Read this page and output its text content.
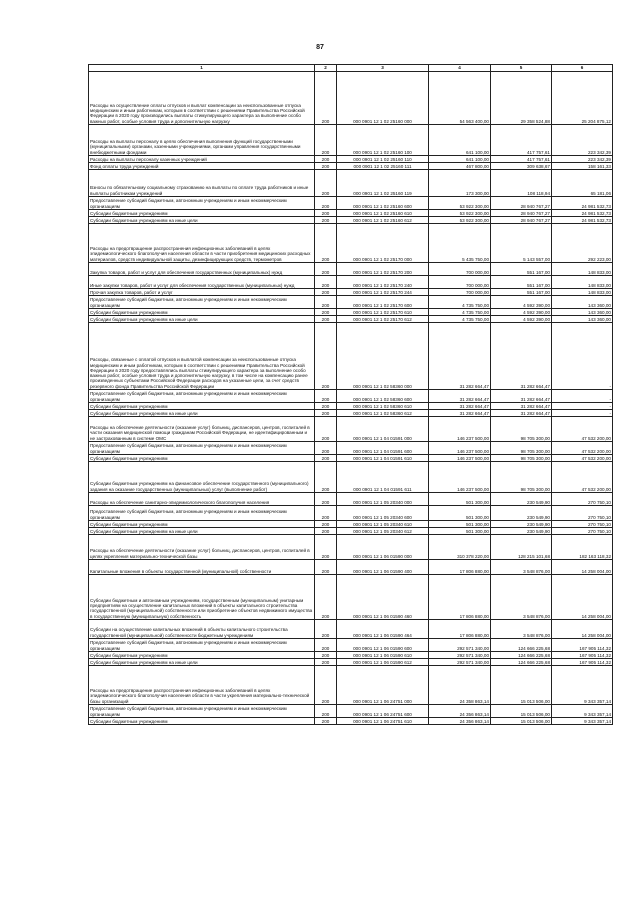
87
1	2	3	4	5	6
Расходы на осуществление оплаты отпусков и выплат компенсации за неиспользованные отпуска медицинским и иным работникам, которым в соответствии с решениями Правительства Российской Федерации в 2020 году производились выплаты стимулирующего характера за выполнение особо важных работ, особые условия труда и дополнительную нагрузку	200	000 0901 12 1 02 25160 000	54 563 400,00	29 358 524,88	25 204 875,12
Расходы на выплаты персоналу в целях обеспечения выполнения функций государственными (муниципальными) органами, казенными учреждениями, органами управления государственными внебюджетными фондами	200	000 0901 12 1 02 25160 100	641 100,00	417 757,61	223 342,39
Расходы на выплаты персоналу казенных учреждений	200	000 0901 12 1 02 25160 110	641 100,00	417 757,61	223 342,39
Фонд оплаты труда учреждений	200	000 0901 12 1 02 25160 111	467 800,00	309 638,67	158 161,33
Взносы по обязательному социальному страхованию на выплаты по оплате труда работников и иные выплаты работникам учреждений	200	000 0901 12 1 02 25160 119	173 300,00	108 118,94	65 181,06
Предоставление субсидий бюджетным, автономным учреждениям и иным некоммерческим организациям	200	000 0901 12 1 02 25160 600	53 922 300,00	28 940 767,27	24 981 532,73
Субсидии бюджетным учреждениям	200	000 0901 12 1 02 25160 610	53 922 300,00	28 940 767,27	24 981 532,73
Субсидии бюджетным учреждениям на иные цели	200	000 0901 12 1 02 25160 612	53 922 300,00	28 940 767,27	24 981 532,73
Расходы на предотвращение распространения инфекционных заболеваний в целях эпидемиологического благополучия населения области в части приобретения медицинских расходных материалов, средств индивидуальной защиты, дезинфицирующих средств, термометров	200	000 0901 12 1 02 25170 000	5 435 750,00	5 143 557,00	292 223,00
Закупка товаров, работ и услуг для обеспечения государственных (муниципальных) нужд	200	000 0901 12 1 02 25170 200	700 000,00	551 167,00	148 833,00
Иные закупки товаров, работ и услуг для обеспечения государственных (муниципальных) нужд	200	000 0901 12 1 02 25170 240	700 000,00	551 167,00	148 833,00
Прочая закупка товаров, работ и услуг	200	000 0901 12 1 02 25170 244	700 000,00	551 167,00	148 833,00
Предоставление субсидий бюджетным, автономным учреждениям и иным некоммерческим организациям	200	000 0901 12 1 02 25170 600	4 735 750,00	4 592 390,00	143 360,00
Субсидии бюджетным учреждениям	200	000 0901 12 1 02 25170 610	4 735 750,00	4 592 390,00	143 360,00
Субсидии бюджетным учреждениям на иные цели	200	000 0901 12 1 02 25170 612	4 735 750,00	4 592 390,00	143 360,00
Расходы, связанные с оплатой отпусков и выплатой компенсации за неиспользованные отпуска медицинским и иным работникам, которым в соответствии с решениями Правительства Российской Федерации в 2020 году предоставлялись выплаты стимулирующего характера за выполнение особо важных работ, особые условия труда и дополнительную нагрузку, в том числе на компенсацию ранее произведенных субъектами Российской Федерации расходов на указанные цели, за счет средств резервного фонда Правительства Российской Федерации	200	000 0901 12 1 02 58360 000	31 282 664,47	31 282 664,47	-
Предоставление субсидий бюджетным, автономным учреждениям и иным некоммерческим организациям	200	000 0901 12 1 02 58360 600	31 282 664,47	31 282 664,47	-
Субсидии бюджетным учреждениям	200	000 0901 12 1 02 58360 610	31 282 664,47	31 282 664,47	-
Субсидии бюджетным учреждениям на иные цели	200	000 0901 12 1 02 58360 612	31 282 664,47	31 282 664,47	-
Расходы на обеспечение деятельности (оказание услуг) больниц, диспансеров, центров, госпиталей в части оказания медицинской помощи гражданам Российской Федерации, не идентифицированным и не застрахованным в системе ОМС	200	000 0901 12 1 04 01591 000	146 237 500,00	98 705 300,00	47 532 200,00
Предоставление субсидий бюджетным, автономным учреждениям и иным некоммерческим организациям	200	000 0901 12 1 04 01591 600	146 237 500,00	98 705 300,00	47 532 200,00
Субсидии бюджетным учреждениям	200	000 0901 12 1 04 01591 610	146 237 500,00	98 705 300,00	47 532 200,00
Субсидии бюджетным учреждениям на финансовое обеспечение государственного (муниципального) задания на оказание государственных (муниципальных) услуг (выполнение работ)	200	000 0901 12 1 04 01591 611	146 237 500,00	98 705 300,00	47 532 200,00
Расходы на обеспечение санитарно-эпидемиологического благополучия населения	200	000 0901 12 1 05 20340 000	501 300,00	230 549,90	270 750,10
Предоставление субсидий бюджетным, автономным учреждениям и иным некоммерческим организациям	200	000 0901 12 1 05 20340 600	501 300,00	230 549,90	270 750,10
Субсидии бюджетным учреждениям	200	000 0901 12 1 05 20340 610	501 300,00	230 549,90	270 750,10
Субсидии бюджетным учреждениям на иные цели	200	000 0901 12 1 05 20340 612	501 300,00	230 549,90	270 750,10
Расходы на обеспечение деятельности (оказание услуг) больниц, диспансеров, центров, госпиталей в целях укрепления материально-технической базы	200	000 0901 12 1 06 01590 000	310 378 220,00	128 215 101,68	182 163 118,32
Капитальные вложения в объекты государственной (муниципальной) собственности	200	000 0901 12 1 06 01590 400	17 806 880,00	3 548 876,00	14 258 004,00
Субсидии бюджетным и автономным учреждениям, государственным (муниципальным) унитарным предприятиям на осуществление капитальных вложений в объекты капитального строительства государственной (муниципальной) собственности или приобретение объектов недвижимого имущества в государственную (муниципальную) собственность	200	000 0901 12 1 06 01590 460	17 806 880,00	3 548 876,00	14 258 004,00
Субсидии на осуществление капитальных вложений в объекты капитального строительства государственной (муниципальной) собственности бюджетным учреждениям	200	000 0901 12 1 06 01590 464	17 806 880,00	3 548 876,00	14 258 004,00
Предоставление субсидий бюджетным, автономным учреждениям и иным некоммерческим организациям	200	000 0901 12 1 06 01590 600	292 571 340,00	124 666 225,68	167 905 114,32
Субсидии бюджетным учреждениям	200	000 0901 12 1 06 01590 610	292 571 340,00	124 666 225,68	167 905 114,32
Субсидии бюджетным учреждениям на иные цели	200	000 0901 12 1 06 01590 612	292 571 340,00	124 666 225,68	167 905 114,32
Расходы на предотвращение распространения инфекционных заболеваний в целях эпидемиологического благополучия населения области в части укрепления материально-технической базы организаций	200	000 0901 12 1 06 24751 000	24 358 863,14	15 013 506,00	9 343 357,14
Предоставление субсидий бюджетным, автономным учреждениям и иным некоммерческим организациям	200	000 0901 12 1 06 24751 600	24 356 863,14	15 013 506,00	9 343 357,14
Субсидии бюджетным учреждениям	200	000 0901 12 1 06 24751 610	24 356 863,14	15 013 506,00	9 343 357,14
